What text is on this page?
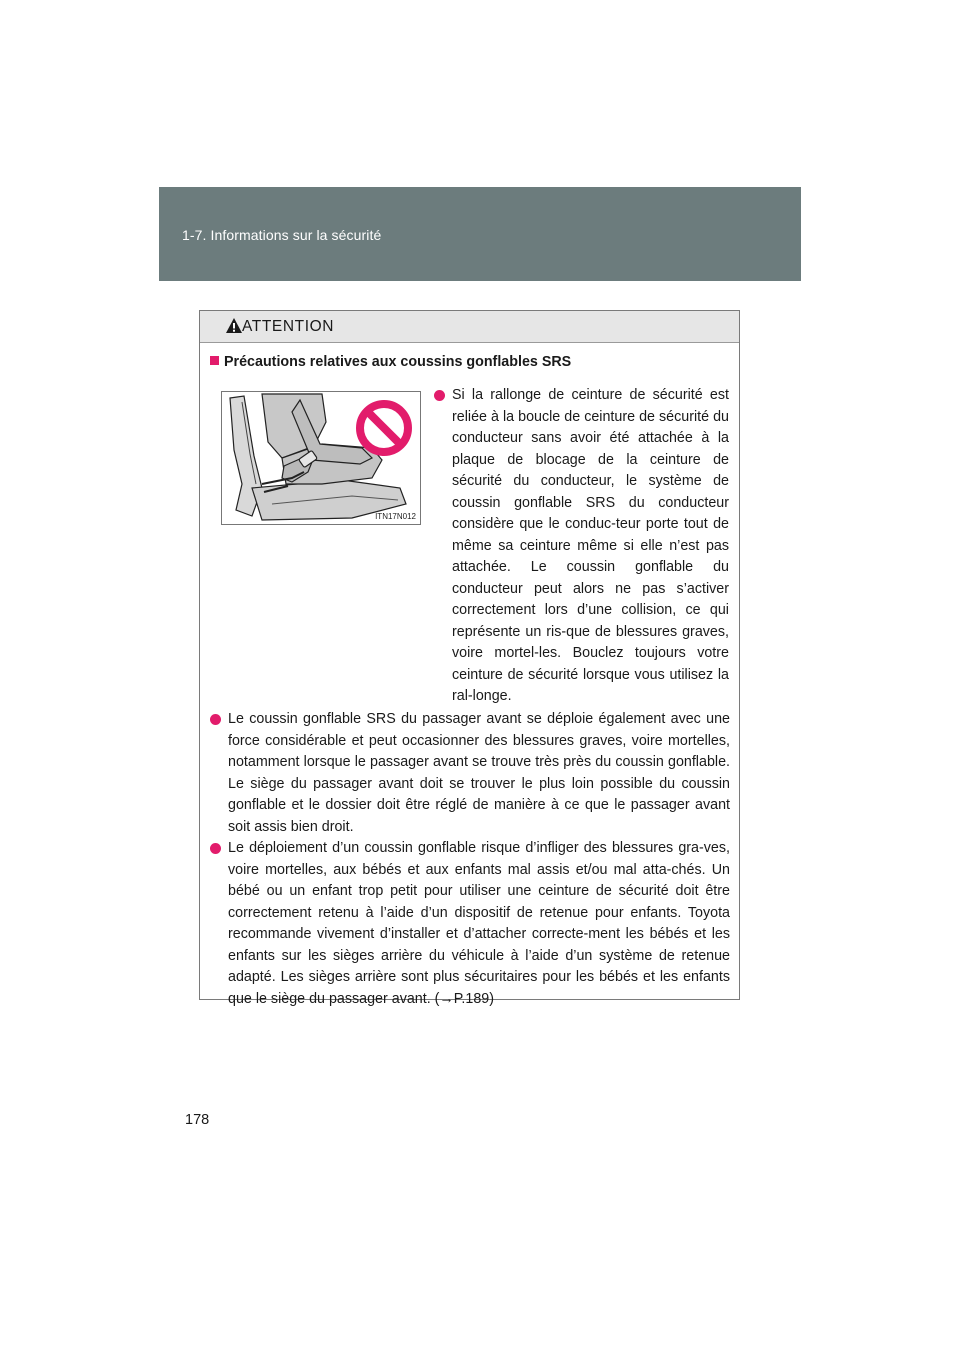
1-7. Informations sur la sécurité
ATTENTION
Précautions relatives aux coussins gonflables SRS
ITN17N012
Si la rallonge de ceinture de sécurité est reliée à la boucle de ceinture de sécurité du conducteur sans avoir été attachée à la plaque de blocage de la ceinture de sécurité du conducteur, le système de coussin gonflable SRS du conducteur considère que le conduc-teur porte tout de même sa ceinture même si elle n’est pas attachée. Le coussin gonflable du conducteur peut alors ne pas s’activer correctement lors d’une collision, ce qui représente un ris-que de blessures graves, voire mortel-les. Bouclez toujours votre ceinture de sécurité lorsque vous utilisez la ral-longe.
Le coussin gonflable SRS du passager avant se déploie également avec une force considérable et peut occasionner des blessures graves, voire mortelles, notamment lorsque le passager avant se trouve très près du coussin gonflable. Le siège du passager avant doit se trouver le plus loin possible du coussin gonflable et le dossier doit être réglé de manière à ce que le passager avant soit assis bien droit.
Le déploiement d’un coussin gonflable risque d’infliger des blessures gra-ves, voire mortelles, aux bébés et aux enfants mal assis et/ou mal atta-chés. Un bébé ou un enfant trop petit pour utiliser une ceinture de sécurité doit être correctement retenu à l’aide d’un dispositif de retenue pour enfants. Toyota recommande vivement d’installer et d’attacher correcte-ment les bébés et les enfants sur les sièges arrière du véhicule à l’aide d’un système de retenue adapté. Les sièges arrière sont plus sécuritaires pour les bébés et les enfants que le siège du passager avant. (→P.189)
178
